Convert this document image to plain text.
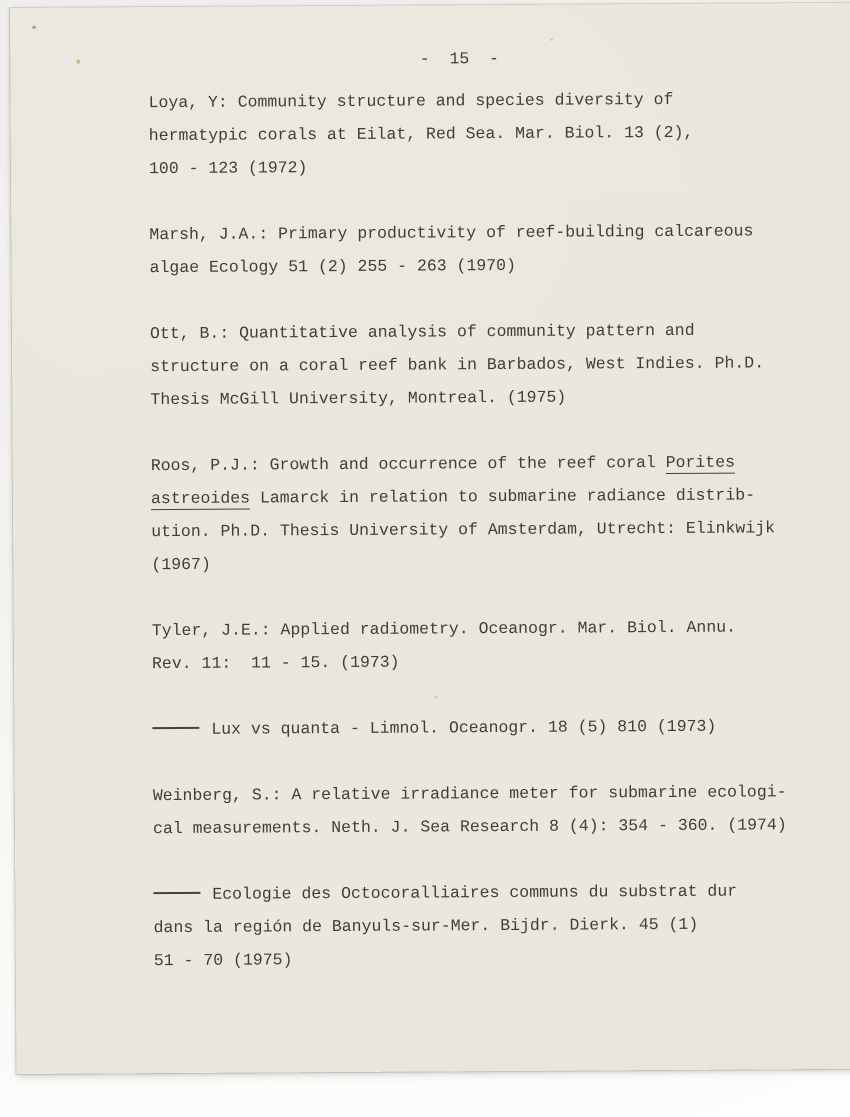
-  15  -
Loya, Y: Community structure and species diversity of
hermatypic corals at Eilat, Red Sea. Mar. Biol. 13 (2),
100 - 123 (1972)
Marsh, J.A.: Primary productivity of reef-building calcareous
algae Ecology 51 (2) 255 - 263 (1970)
Ott, B.: Quantitative analysis of community pattern and
structure on a coral reef bank in Barbados, West Indies. Ph.D.
Thesis McGill University, Montreal. (1975)
Roos, P.J.: Growth and occurrence of the reef coral Porites
astreoides Lamarck in relation to submarine radiance distrib-
ution. Ph.D. Thesis University of Amsterdam, Utrecht: Elinkwijk
(1967)
Tyler, J.E.: Applied radiometry. Oceanogr. Mar. Biol. Annu.
Rev. 11:  11 - 15. (1973)
Lux vs quanta - Limnol. Oceanogr. 18 (5) 810 (1973)
Weinberg, S.: A relative irradiance meter for submarine ecologi-
cal measurements. Neth. J. Sea Research 8 (4): 354 - 360. (1974)
Ecologie des Octocoralliaires communs du substrat dur
dans la región de Banyuls-sur-Mer. Bijdr. Dierk. 45 (1)
51 - 70 (1975)
